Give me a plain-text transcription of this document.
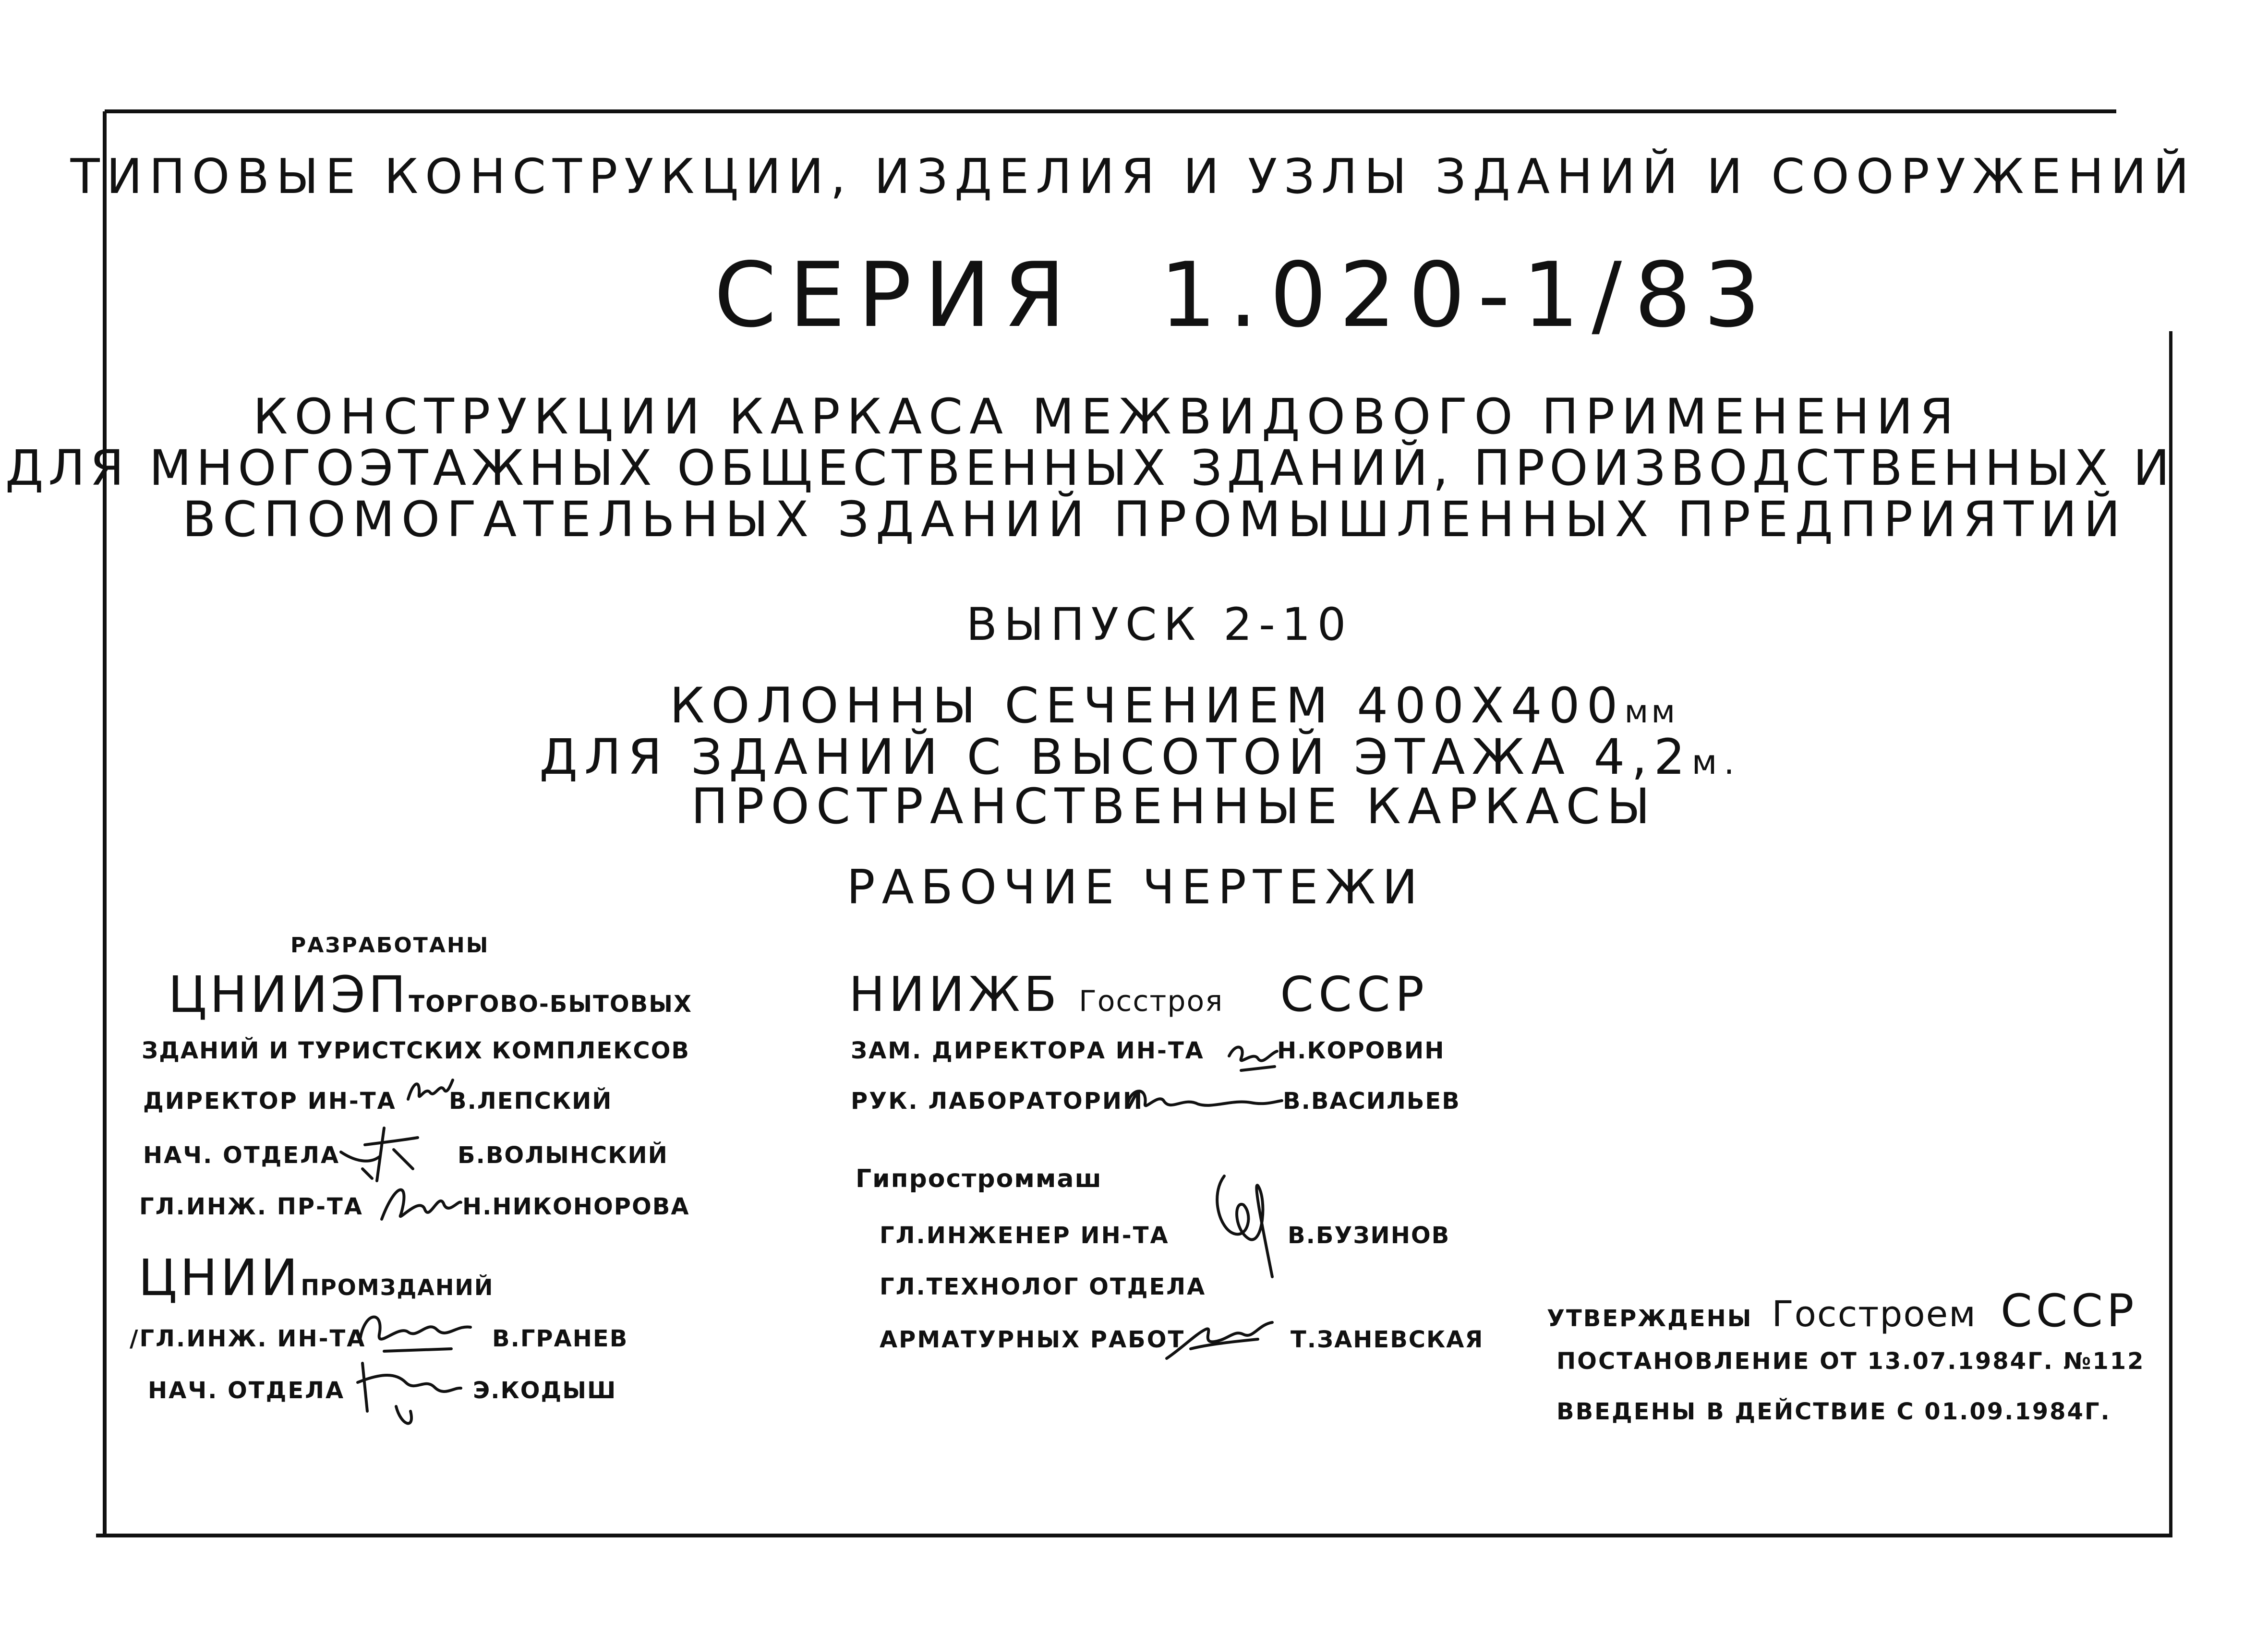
ТИПОВЫЕ КОНСТРУКЦИИ, ИЗДЕЛИЯ И УЗЛЫ ЗДАНИЙ И СООРУЖЕНИЙ
СЕРИЯ  1.020-1/83
КОНСТРУКЦИИ КАРКАСА МЕЖВИДОВОГО ПРИМЕНЕНИЯ
ДЛЯ МНОГОЭТАЖНЫХ ОБЩЕСТВЕННЫХ ЗДАНИЙ, ПРОИЗВОДСТВЕННЫХ И
ВСПОМОГАТЕЛЬНЫХ ЗДАНИЙ ПРОМЫШЛЕННЫХ ПРЕДПРИЯТИЙ
ВЫПУСК 2-10
КОЛОННЫ СЕЧЕНИЕМ 400Х400мм
ДЛЯ ЗДАНИЙ С ВЫСОТОЙ ЭТАЖА 4,2м.
ПРОСТРАНСТВЕННЫЕ КАРКАСЫ
РАБОЧИЕ ЧЕРТЕЖИ
РАЗРАБОТАНЫ
ЦНИИЭПТОРГОВО-БЫТОВЫХ
ЗДАНИЙ И ТУРИСТСКИХ КОМПЛЕКСОВ
ДИРЕКТОР ИН-ТА В.ЛЕПСКИЙ
НАЧ. ОТДЕЛА	Б.ВОЛЫНСКИЙ
ГЛ.ИНЖ. ПР-ТА	Н.НИКОНОРОВА
ЦНИИПРОМЗДАНИЙ
/ГЛ.ИНЖ. ИН-ТА	В.ГРАНЕВ
НАЧ. ОТДЕЛА	Э.КОДЫШ
НИИЖБ Госстроя СССР
ЗАМ. ДИРЕКТОРА ИН-ТА	Н.КОРОВИН
РУК. ЛАБОРАТОРИИ	В.ВАСИЛЬЕВ
Гипростроммаш
ГЛ.ИНЖЕНЕР ИН-ТА	В.БУЗИНОВ
ГЛ.ТЕХНОЛОГ ОТДЕЛА
АРМАТУРНЫХ РАБОТ	Т.ЗАНЕВСКАЯ
УТВЕРЖДЕНЫ Госстроем СССР
ПОСТАНОВЛЕНИЕ ОТ 13.07.1984Г. №112
ВВЕДЕНЫ В ДЕЙСТВИЕ С 01.09.1984Г.
